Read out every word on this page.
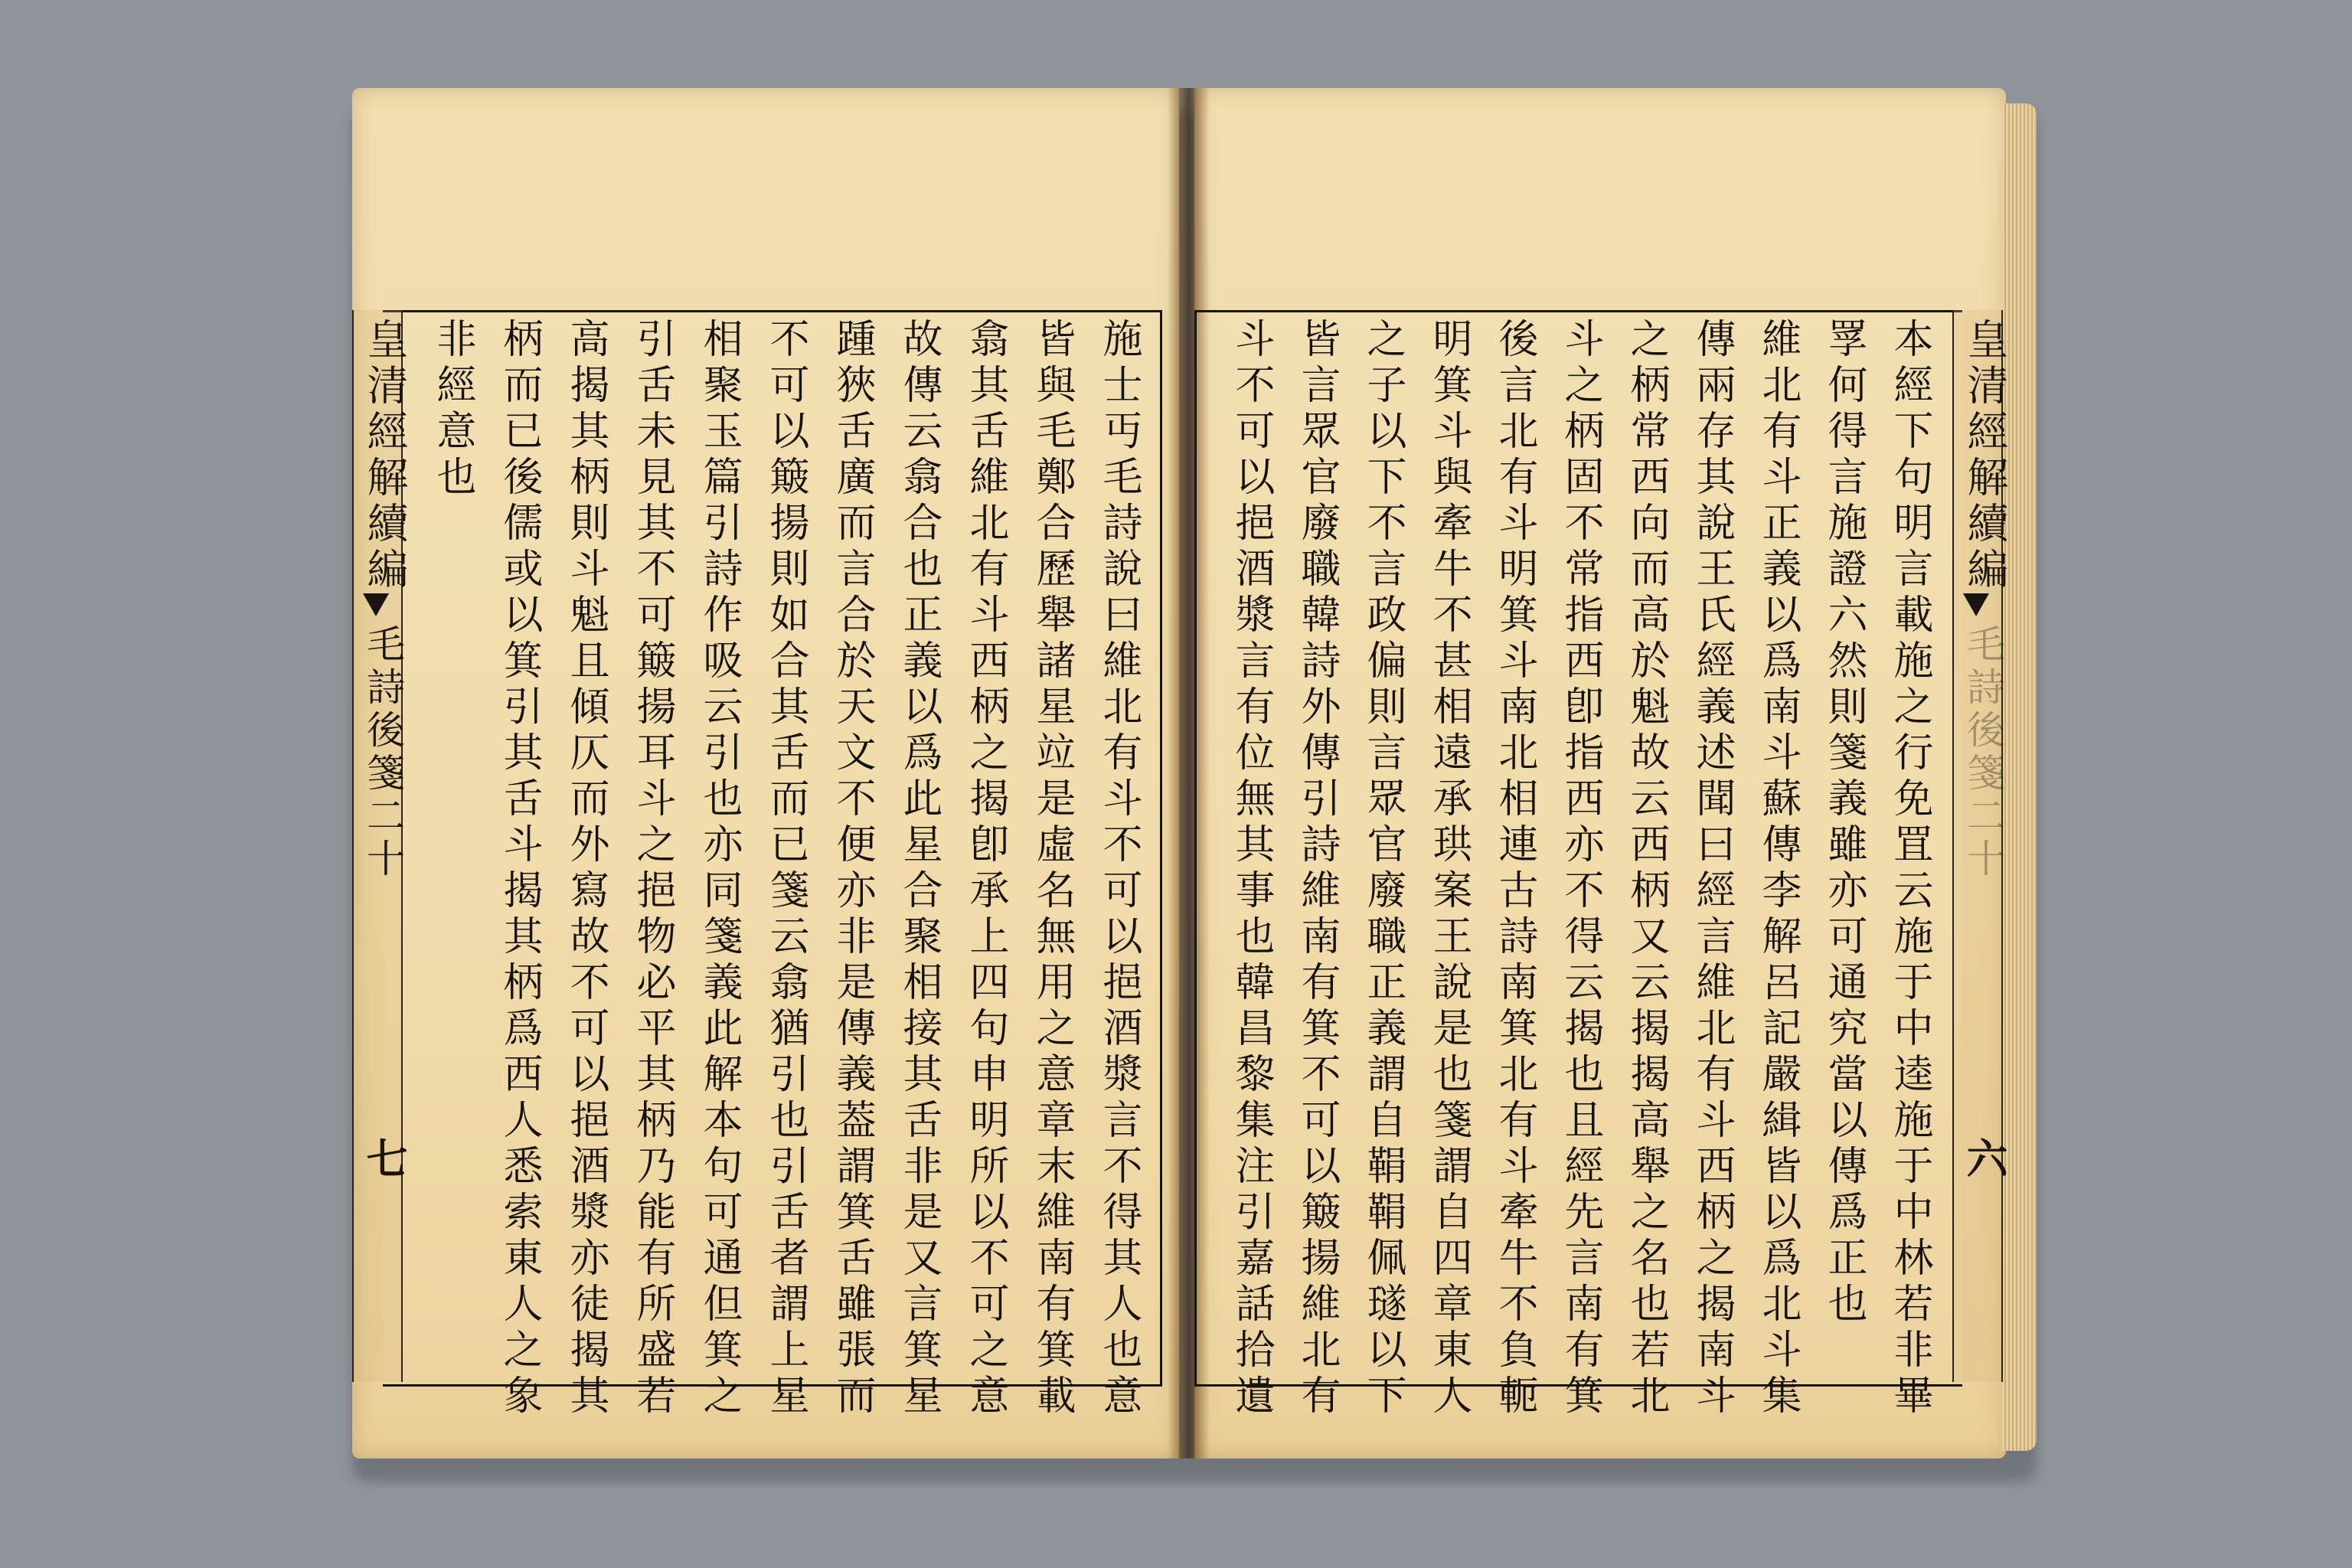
皇清經解續編
毛詩後箋二十
七	施士丏毛詩說曰維北有斗不可以挹酒漿言不得其人也意
皆與毛鄭合歷舉諸星竝是虛名無用之意章末維南有箕載
翕其舌維北有斗西柄之揭卽承上四句申明所以不可之意
故傳云翕合也正義以爲此星合聚相接其舌非是又言箕星
踵狹舌廣而言合於天文不便亦非是傳義葢謂箕舌雖張而
不可以簸揚則如合其舌而已箋云翕猶引也引舌者謂上星
相聚玉篇引詩作吸云引也亦同箋義此解本句可通但箕之
引舌未見其不可簸揚耳斗之挹物必平其柄乃能有所盛若
高揭其柄則斗魁且傾仄而外寫故不可以挹酒漿亦徒揭其
柄而已後儒或以箕引其舌斗揭其柄爲西人悉索東人之象
非經意也	皇清經解續編
毛詩後箋二十
六
本經下句明言載施之行免罝云施于中逵施于中林若非畢
罦何得言施證六然則箋義雖亦可通究當以傳爲正也
維北有斗正義以爲南斗蘇傳李解呂記嚴緝皆以爲北斗集
傳兩存其說王氏經義述聞曰經言維北有斗西柄之揭南斗
之柄常西向而高於魁故云西柄又云揭揭高舉之名也若北
斗之柄固不常指西卽指西亦不得云揭也且經先言南有箕
後言北有斗明箕斗南北相連古詩南箕北有斗牽牛不負軛
明箕斗與牽牛不甚相遠承珙案王說是也箋謂自四章東人
之子以下不言政偏則言眾官廢職正義謂自鞙鞙佩璲以下
皆言眾官廢職韓詩外傳引詩維南有箕不可以簸揚維北有
斗不可以挹酒漿言有位無其事也韓昌黎集注引嘉話拾遺
